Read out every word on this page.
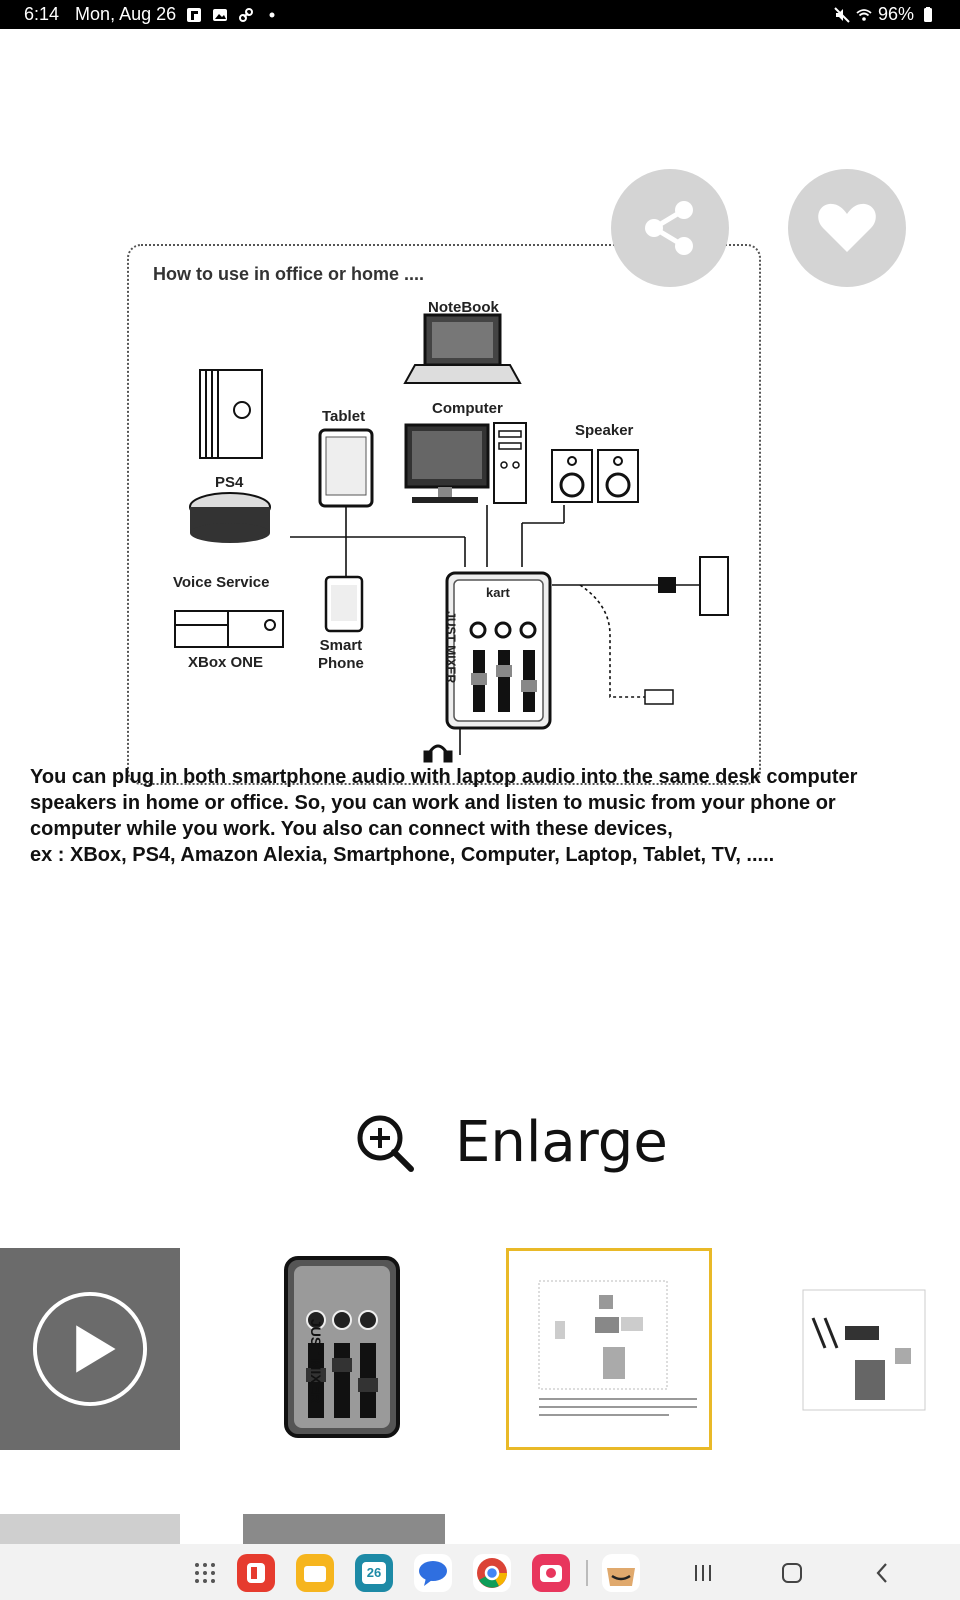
6:14 Mon, Aug 26	96%
How to use in office or home ....
NoteBook
Computer
Tablet
Speaker
PS4
Voice Service
XBox ONE
Smart
Phone
kart
JUST MIXER

You can plug in both smartphone audio with laptop audio into the same desk computer

speakers in home or office. So, you can work and listen to music from your phone or

computer while you work. You also can connect with these devices,

ex : XBox, PS4, Amazon Alexia, Smartphone, Computer, Laptop, Tablet, TV, .....

Enlarge
JUST MIXER
26
